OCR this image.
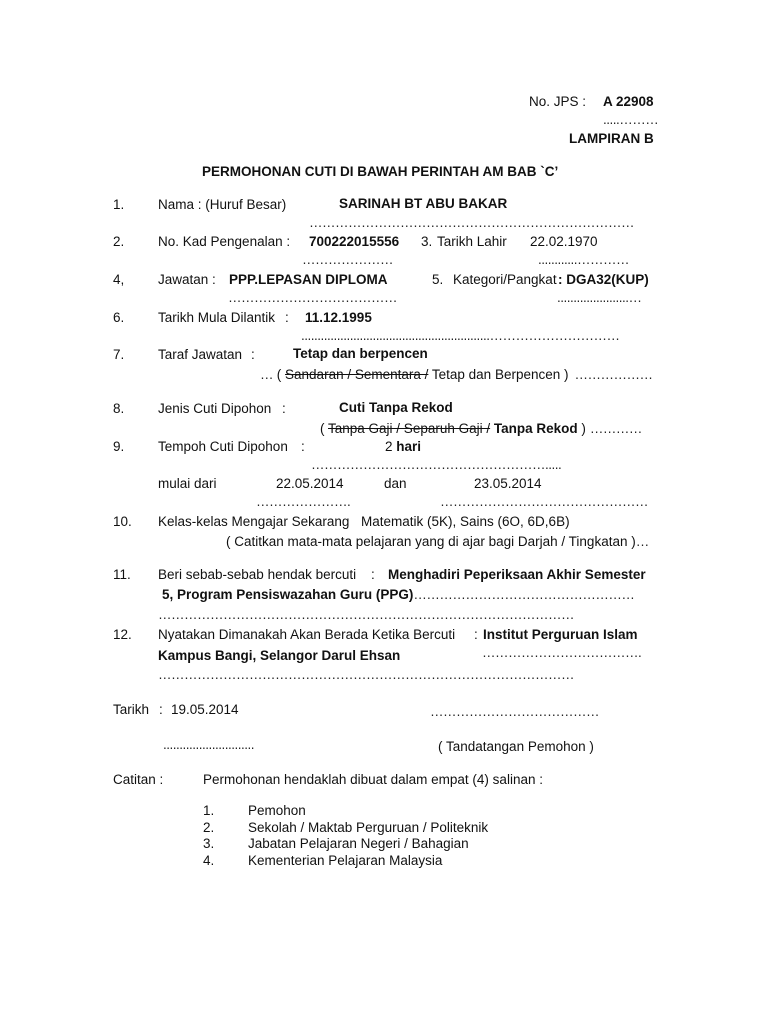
No. JPS : A 22908
.....………
LAMPIRAN B
PERMOHONAN CUTI DI BAWAH PERINTAH AM BAB `C’
1. Nama : (Huruf Besar)	SARINAH BT ABU BAKAR
…………………………………………………………………
2. No. Kad Pengenalan : 700222015556
…………………
3. Tarikh Lahir 22.02.1970
............…………
4, Jawatan : PPP.LEPASAN DIPLOMA
…………………………………
5. Kategori/Pangkat : DGA32(KUP)
......................…
6. Tarikh Mula Dilantik : 11.12.1995
..........................................................…………………………
7. Taraf Jawatan :	Tetap dan berpencen
… ( Sandaran / Sementara / Tetap dan Berpencen ) ………………
8. Jenis Cuti Dipohon :	Cuti Tanpa Rekod
( Tanpa Gaji / Separuh Gaji / Tanpa Rekod ) …………
9. Tempoh Cuti Dipohon :	2 hari
……………………………………………….....
mulai dari	22.05.2014
………………….
dan	23.05.2014
…………………………………………
10. Kelas-kelas Mengajar Sekarang Matematik (5K), Sains (6O, 6D,6B)
( Catitkan mata-mata pelajaran yang di ajar bagi Darjah / Tingkatan )…
11. Beri sebab-sebab hendak bercuti : Menghadiri Peperiksaan Akhir Semester
5, Program Pensiswazahan Guru (PPG)……………………………………………
……………………………………………………………………………………
12. Nyatakan Dimanakah Akan Berada Ketika Bercuti : Institut Perguruan Islam
Kampus Bangi, Selangor Darul Ehsan	……………………………….
……………………………………………………………………………………
Tarikh : 19.05.2014	…………………………………
............................	( Tandatangan Pemohon )
Catitan :	Permohonan hendaklah dibuat dalam empat (4) salinan :
1. Pemohon
2. Sekolah / Maktab Perguruan / Politeknik
3. Jabatan Pelajaran Negeri / Bahagian
4. Kementerian Pelajaran Malaysia
